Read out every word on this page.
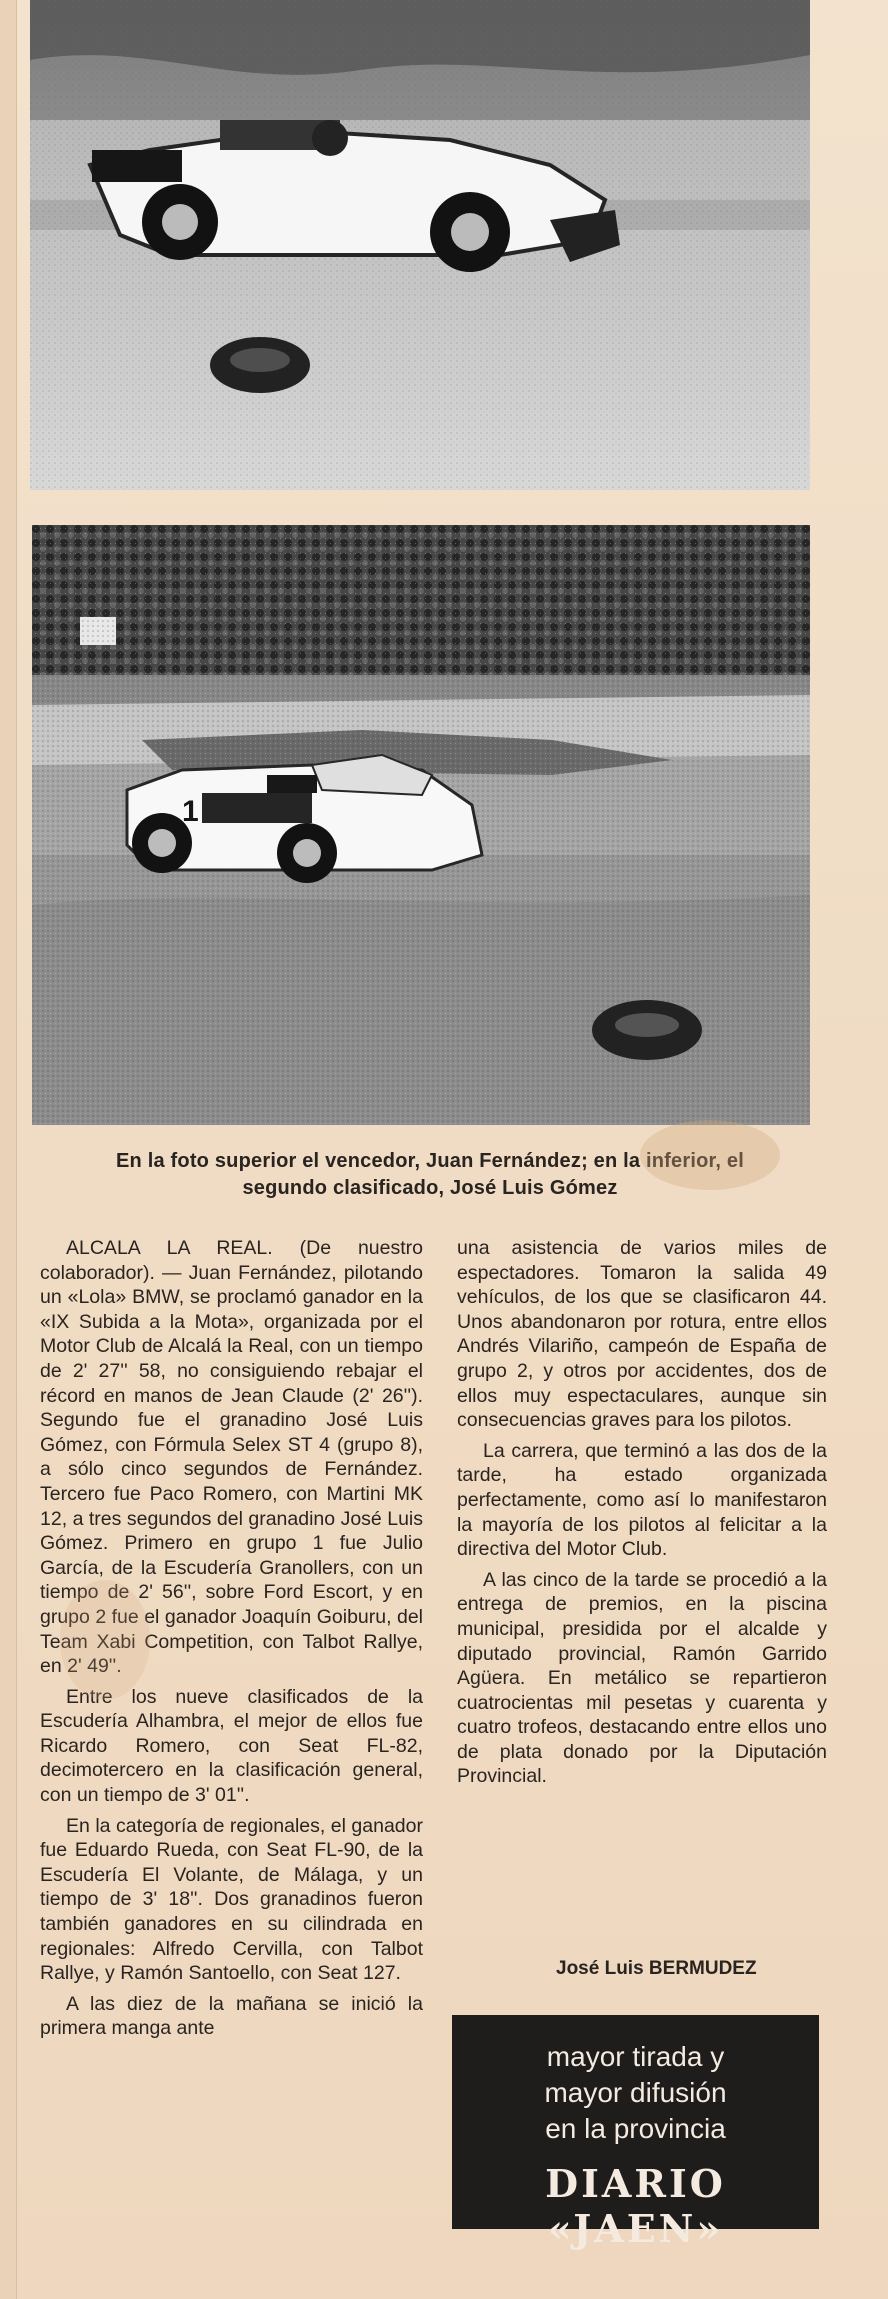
1
En la foto superior el vencedor, Juan Fernández; en la inferior, el
segundo clasificado, José Luis Gómez

ALCALA LA REAL. (De nuestro colaborador). — Juan Fernández, pilotando un «Lola» BMW, se proclamó ganador en la «IX Subida a la Mota», organizada por el Motor Club de Alcalá la Real, con un tiempo de 2' 27'' 58, no consiguiendo rebajar el récord en manos de Jean Claude (2' 26''). Segundo fue el granadino José Luis Gómez, con Fórmula Selex ST 4 (grupo 8), a sólo cinco segundos de Fernández. Tercero fue Paco Romero, con Martini MK 12, a tres segundos del granadino José Luis Gómez. Primero en grupo 1 fue Julio García, de la Escudería Granollers, con un tiempo de 2' 56'', sobre Ford Escort, y en grupo 2 fue el ganador Joaquín Goiburu, del Team Xabi Competition, con Talbot Rallye, en 2' 49''.

Entre los nueve clasificados de la Escudería Alhambra, el mejor de ellos fue Ricardo Romero, con Seat FL-82, decimotercero en la clasificación general, con un tiempo de 3' 01''.

En la categoría de regionales, el ganador fue Eduardo Rueda, con Seat FL-90, de la Escudería El Volante, de Málaga, y un tiempo de 3' 18''. Dos granadinos fueron también ganadores en su cilindrada en regionales: Alfredo Cervilla, con Talbot Rallye, y Ramón Santoello, con Seat 127.

A las diez de la mañana se inició la primera manga ante

una asistencia de varios miles de espectadores. Tomaron la salida 49 vehículos, de los que se clasificaron 44. Unos abandonaron por rotura, entre ellos Andrés Vilariño, campeón de España de grupo 2, y otros por accidentes, dos de ellos muy espectaculares, aunque sin consecuencias graves para los pilotos.

La carrera, que terminó a las dos de la tarde, ha estado organizada perfectamente, como así lo manifestaron la mayoría de los pilotos al felicitar a la directiva del Motor Club.

A las cinco de la tarde se procedió a la entrega de premios, en la piscina municipal, presidida por el alcalde y diputado provincial, Ramón Garrido Agüera. En metálico se repartieron cuatrocientas mil pesetas y cuarenta y cuatro trofeos, destacando entre ellos uno de plata donado por la Diputación Provincial.

José Luis BERMUDEZ
mayor tirada y
mayor difusión
en la provincia
DIARIO «JAEN»
